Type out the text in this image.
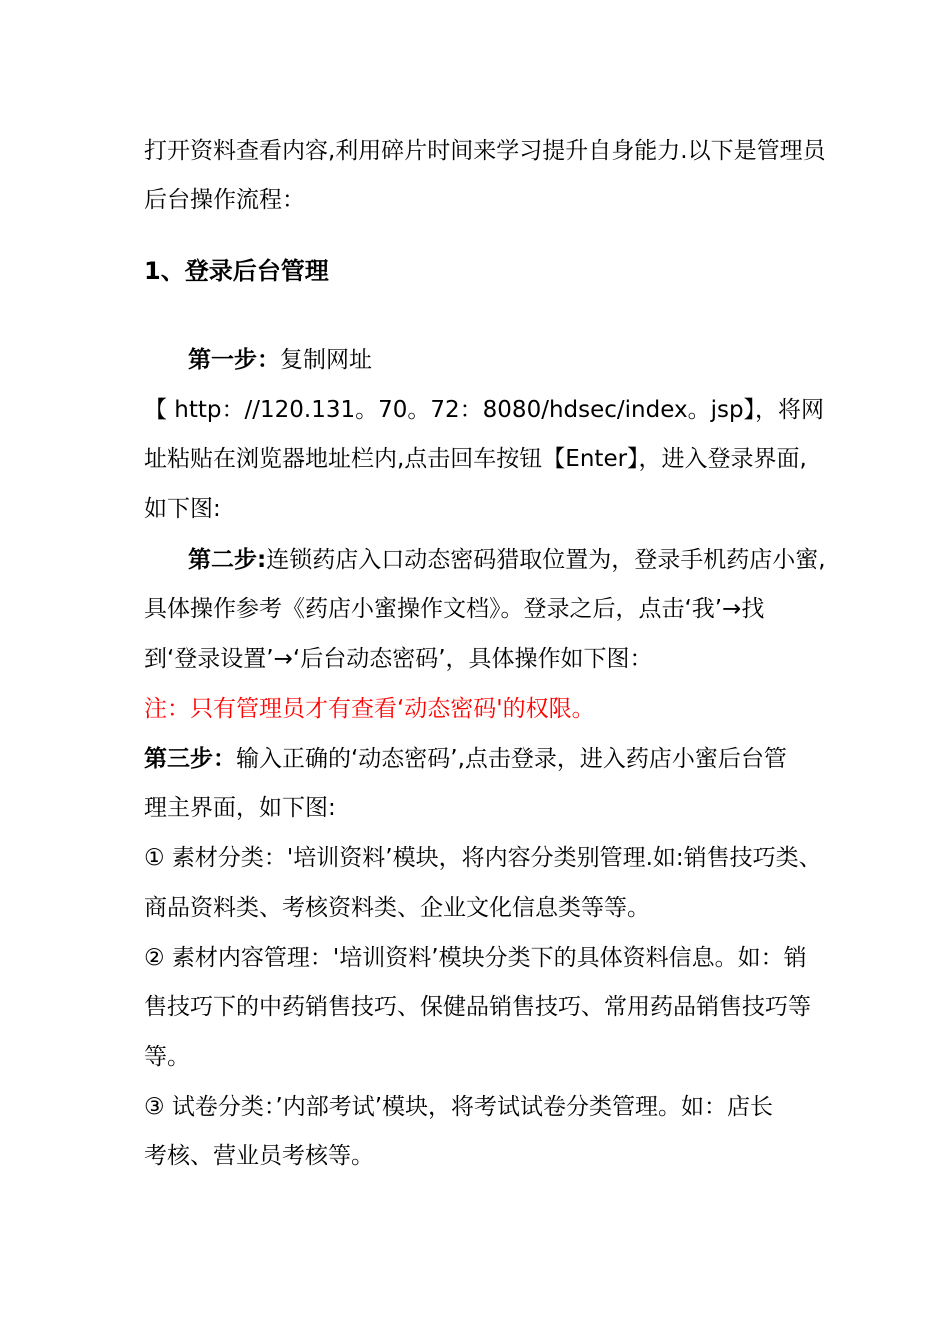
打开资料查看内容,利用碎片时间来学习提升自身能力.以下是管理员
后台操作流程：
1、登录后台管理
第一步：复制网址
【 http：//120.131。70。72：8080/hdsec/index。jsp】，将网
址粘贴在浏览器地址栏内,点击回车按钮【Enter】，进入登录界面,
如下图:
第二步:连锁药店入口动态密码猎取位置为，登录手机药店小蜜,
具体操作参考《药店小蜜操作文档》。登录之后，点击‘我’→找
到‘登录设置’→‘后台动态密码’，具体操作如下图：
注：只有管理员才有查看‘动态密码'的权限。
第三步：输入正确的‘动态密码’,点击登录，进入药店小蜜后台管
理主界面，如下图:
① 素材分类：'培训资料’模块，将内容分类别管理.如:销售技巧类、
商品资料类、考核资料类、企业文化信息类等等。
② 素材内容管理：'培训资料’模块分类下的具体资料信息。如：销
售技巧下的中药销售技巧、保健品销售技巧、常用药品销售技巧等
等。
③ 试卷分类：’内部考试’模块，将考试试卷分类管理。如：店长
考核、营业员考核等。
